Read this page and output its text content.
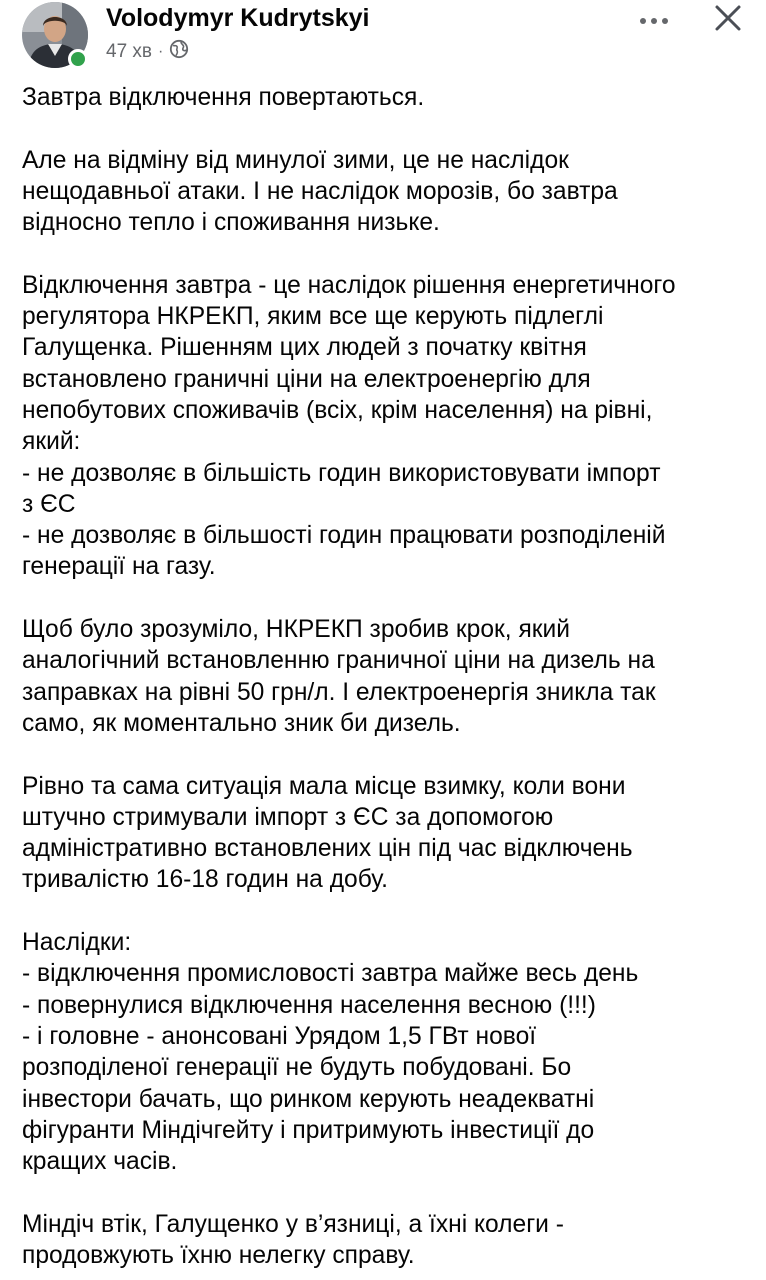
Volodymyr Kudrytskyi
47 хв ·

Завтра відключення повертаються.

Але на відміну від минулої зими, це не наслідок
нещодавньої атаки. І не наслідок морозів, бо завтра
відносно тепло і споживання низьке.

Відключення завтра - це наслідок рішення енергетичного
регулятора НКРЕКП, яким все ще керують підлеглі
Галущенка. Рішенням цих людей з початку квітня
встановлено граничні ціни на електроенергію для
непобутових споживачів (всіх, крім населення) на рівні,
який:
- не дозволяє в більшість годин використовувати імпорт
з ЄС
- не дозволяє в більшості годин працювати розподіленій
генерації на газу.

Щоб було зрозуміло, НКРЕКП зробив крок, який
аналогічний встановленню граничної ціни на дизель на
заправках на рівні 50 грн/л. І електроенергія зникла так
само, як моментально зник би дизель.

Рівно та сама ситуація мала місце взимку, коли вони
штучно стримували імпорт з ЄС за допомогою
адміністративно встановлених цін під час відключень
тривалістю 16-18 годин на добу.

Наслідки:
- відключення промисловості завтра майже весь день
- повернулися відключення населення весною (!!!)
- і головне - анонсовані Урядом 1,5 ГВт нової
розподіленої генерації не будуть побудовані. Бо
інвестори бачать, що ринком керують неадекватні
фігуранти Міндічгейту і притримують інвестиції до
кращих часів.

Міндіч втік, Галущенко у в’язниці, а їхні колеги -
продовжують їхню нелегку справу.
